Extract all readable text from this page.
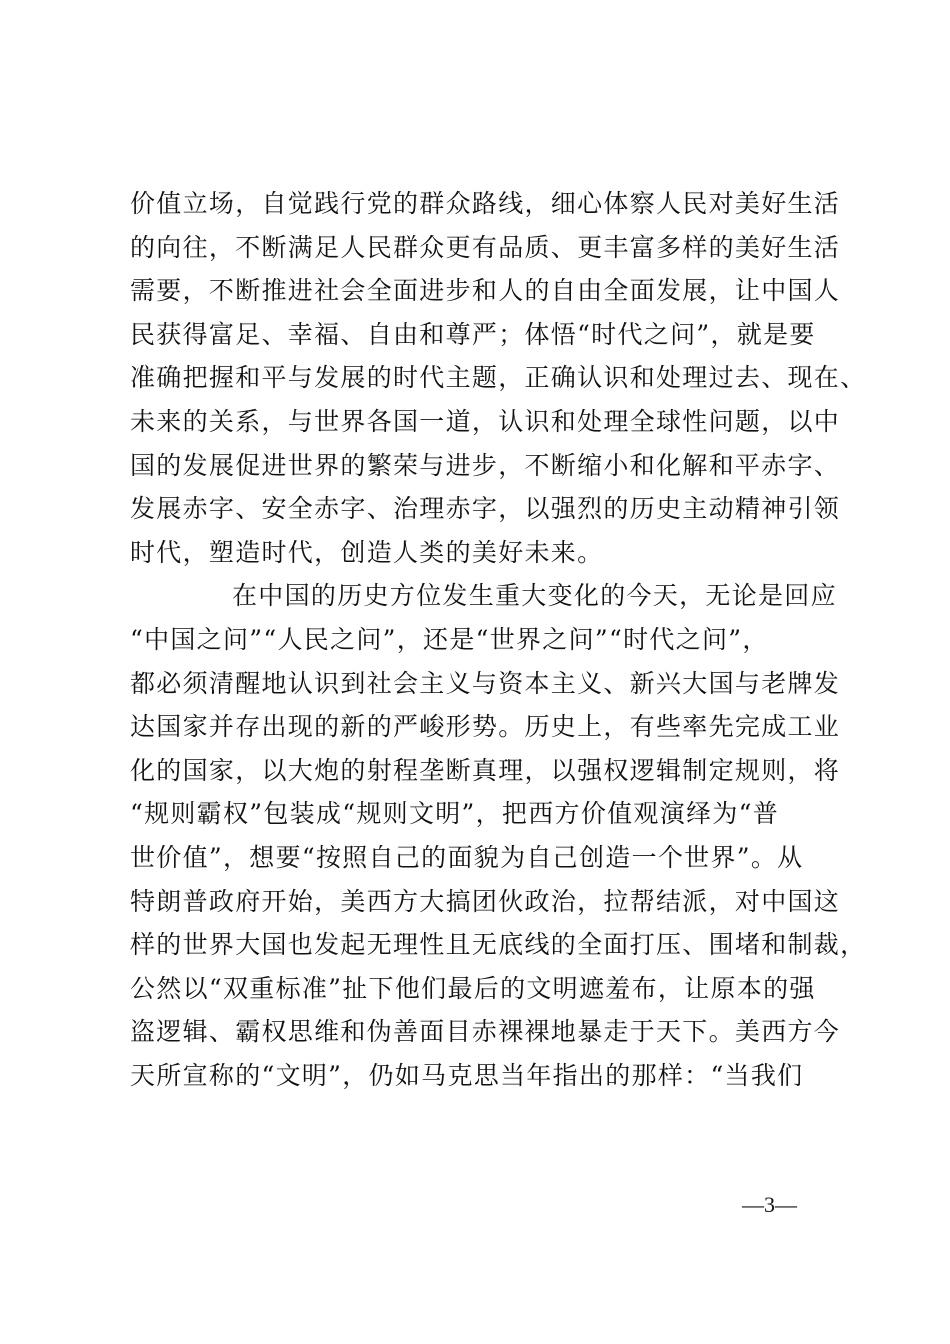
价值立场，自觉践行党的群众路线，细心体察人民对美好生活
的向往，不断满足人民群众更有品质、更丰富多样的美好生活
需要，不断推进社会全面进步和人的自由全面发展，让中国人
民获得富足、幸福、自由和尊严；体悟“时代之问”，就是要
准确把握和平与发展的时代主题，正确认识和处理过去、现在、
未来的关系，与世界各国一道，认识和处理全球性问题，以中
国的发展促进世界的繁荣与进步，不断缩小和化解和平赤字、
发展赤字、安全赤字、治理赤字，以强烈的历史主动精神引领
时代，塑造时代，创造人类的美好未来。
在中国的历史方位发生重大变化的今天，无论是回应
“中国之问”“人民之问”，还是“世界之问”“时代之问”，
都必须清醒地认识到社会主义与资本主义、新兴大国与老牌发
达国家并存出现的新的严峻形势。历史上，有些率先完成工业
化的国家，以大炮的射程垄断真理，以强权逻辑制定规则，将
“规则霸权”包装成“规则文明”，把西方价值观演绎为“普
世价值”，想要“按照自己的面貌为自己创造一个世界”。从
特朗普政府开始，美西方大搞团伙政治，拉帮结派，对中国这
样的世界大国也发起无理性且无底线的全面打压、围堵和制裁，
公然以“双重标准”扯下他们最后的文明遮羞布，让原本的强
盗逻辑、霸权思维和伪善面目赤裸裸地暴走于天下。美西方今
天所宣称的“文明”，仍如马克思当年指出的那样：“当我们
—3—
